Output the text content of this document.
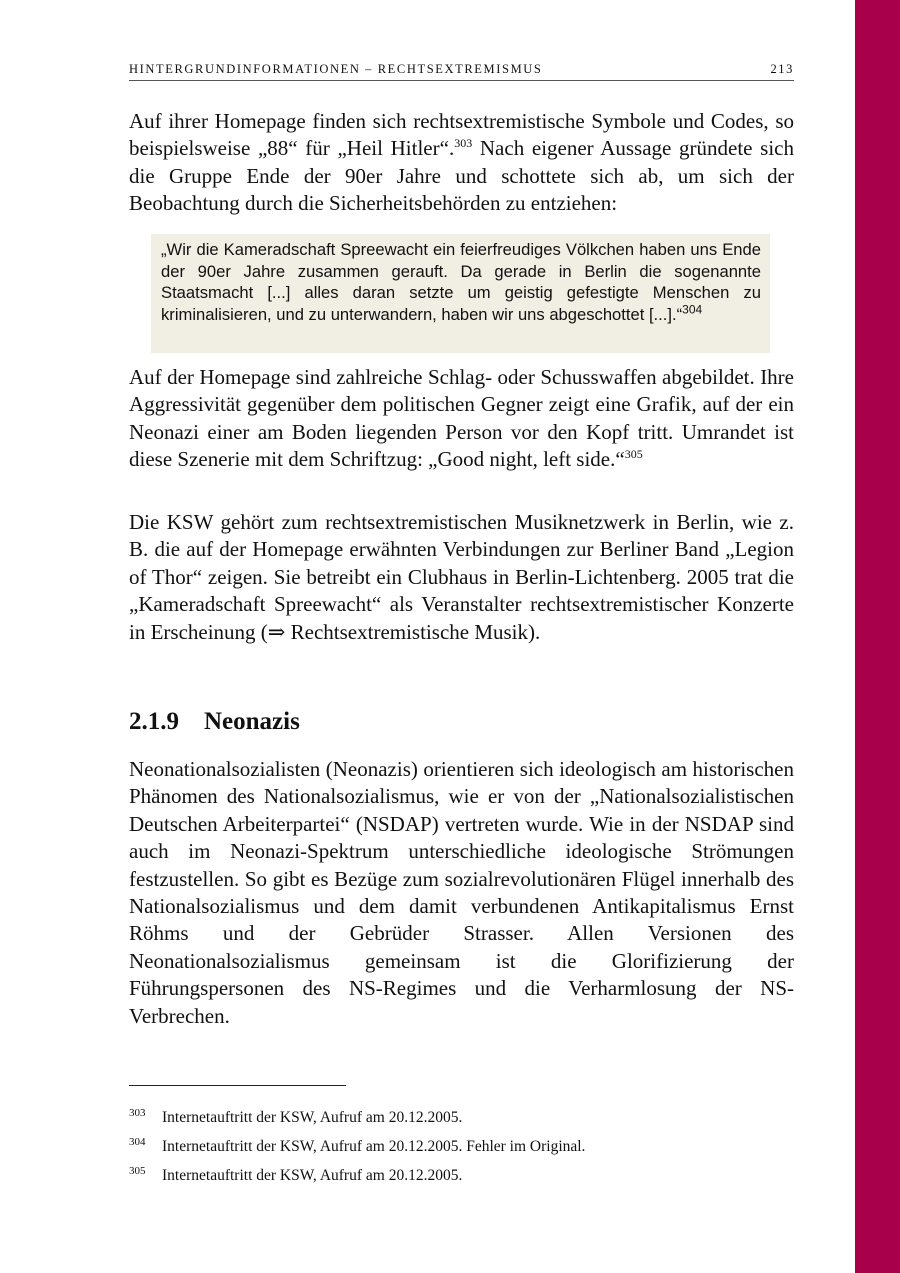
HINTERGRUNDINFORMATIONEN – RECHTSEXTREMISMUS	213

Auf ihrer Homepage finden sich rechtsextremistische Symbole und Codes, so beispielsweise „88“ für „Heil Hitler“.$^{303}$ Nach eigener Aussage gründete sich die Gruppe Ende der 90er Jahre und schottete sich ab, um sich der Beobachtung durch die Sicherheitsbehörden zu entziehen:

„Wir die Kameradschaft Spreewacht ein feierfreudiges Völkchen haben uns Ende der 90er Jahre zusammen gerauft. Da gerade in Berlin die sogenannte Staatsmacht [...] alles daran setzte um geistig gefestigte Menschen zu kriminalisieren, und zu unterwandern, haben wir uns abgeschottet [...].“$^{304}$

Auf der Homepage sind zahlreiche Schlag- oder Schusswaffen abgebildet. Ihre Aggressivität gegenüber dem politischen Gegner zeigt eine Grafik, auf der ein Neonazi einer am Boden liegenden Person vor den Kopf tritt. Umrandet ist diese Szenerie mit dem Schriftzug: „Good night, left side.“$^{305}$

Die KSW gehört zum rechtsextremistischen Musiknetzwerk in Berlin, wie z. B. die auf der Homepage erwähnten Verbindungen zur Berliner Band „Legion of Thor“ zeigen. Sie betreibt ein Clubhaus in Berlin-Lichtenberg. 2005 trat die „Kameradschaft Spreewacht“ als Veranstalter rechtsextremistischer Konzerte in Erscheinung (⇒ Rechtsextremistische Musik).

2.1.9 Neonazis

Neonationalsozialisten (Neonazis) orientieren sich ideologisch am historischen Phänomen des Nationalsozialismus, wie er von der „Nationalsozialistischen Deutschen Arbeiterpartei“ (NSDAP) vertreten wurde. Wie in der NSDAP sind auch im Neonazi-Spektrum unterschiedliche ideologische Strömungen festzustellen. So gibt es Bezüge zum sozialrevolutionären Flügel innerhalb des Nationalsozialismus und dem damit verbundenen Antikapitalismus Ernst Röhms und der Gebrüder Strasser. Allen Versionen des Neonationalsozialismus gemeinsam ist die Glorifizierung der Führungspersonen des NS-Regimes und die Verharmlosung der NS-Verbrechen.

303 Internetauftritt der KSW, Aufruf am 20.12.2005.
304 Internetauftritt der KSW, Aufruf am 20.12.2005. Fehler im Original.
305 Internetauftritt der KSW, Aufruf am 20.12.2005.
